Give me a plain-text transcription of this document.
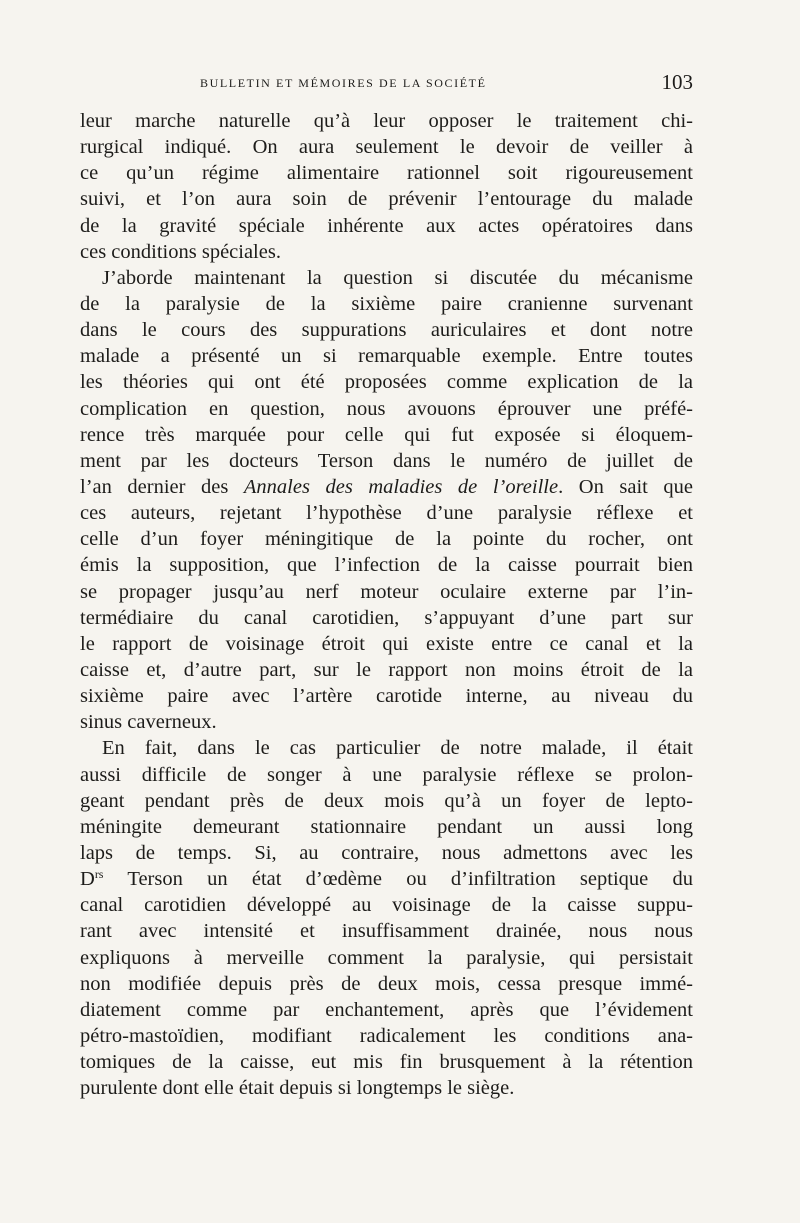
BULLETIN ET MÉMOIRES DE LA SOCIÉTÉ	103
leur marche naturelle qu’à leur opposer le traitement chi-
rurgical indiqué. On aura seulement le devoir de veiller à
ce qu’un régime alimentaire rationnel soit rigoureusement
suivi, et l’on aura soin de prévenir l’entourage du malade
de la gravité spéciale inhérente aux actes opératoires dans
ces conditions spéciales.
J’aborde maintenant la question si discutée du mécanisme
de la paralysie de la sixième paire cranienne survenant
dans le cours des suppurations auriculaires et dont notre
malade a présenté un si remarquable exemple. Entre toutes
les théories qui ont été proposées comme explication de la
complication en question, nous avouons éprouver une préfé-
rence très marquée pour celle qui fut exposée si éloquem-
ment par les docteurs Terson dans le numéro de juillet de
l’an dernier des Annales des maladies de l’oreille. On sait que
ces auteurs, rejetant l’hypothèse d’une paralysie réflexe et
celle d’un foyer méningitique de la pointe du rocher, ont
émis la supposition, que l’infection de la caisse pourrait bien
se propager jusqu’au nerf moteur oculaire externe par l’in-
termédiaire du canal carotidien, s’appuyant d’une part sur
le rapport de voisinage étroit qui existe entre ce canal et la
caisse et, d’autre part, sur le rapport non moins étroit de la
sixième paire avec l’artère carotide interne, au niveau du
sinus caverneux.
En fait, dans le cas particulier de notre malade, il était
aussi difficile de songer à une paralysie réflexe se prolon-
geant pendant près de deux mois qu’à un foyer de lepto-
méningite demeurant stationnaire pendant un aussi long
laps de temps. Si, au contraire, nous admettons avec les
$D^{rs}$ Terson un état d’œdème ou d’infiltration septique du
canal carotidien développé au voisinage de la caisse suppu-
rant avec intensité et insuffisamment drainée, nous nous
expliquons à merveille comment la paralysie, qui persistait
non modifiée depuis près de deux mois, cessa presque immé-
diatement comme par enchantement, après que l’évidement
pétro-mastoïdien, modifiant radicalement les conditions ana-
tomiques de la caisse, eut mis fin brusquement à la rétention
purulente dont elle était depuis si longtemps le siège.
